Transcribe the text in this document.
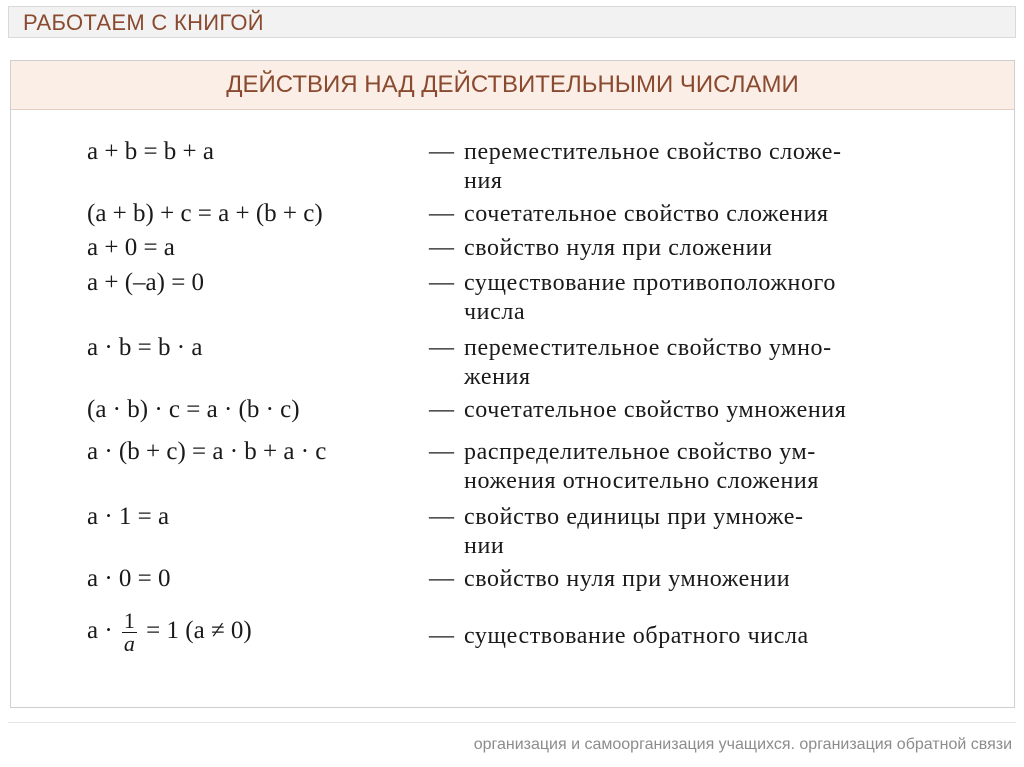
РАБОТАЕМ С КНИГОЙ
ДЕЙСТВИЯ НАД ДЕЙСТВИТЕЛЬНЫМИ ЧИСЛАМИ
a + b = b + a	— переместительное свойство сложе-
ния
(a + b) + c = a + (b + c)	— сочетательное свойство сложения
a + 0 = a	— свойство нуля при сложении
a + (–a) = 0	— существование противоположного
числа
a · b = b · a	— переместительное свойство умно-
жения
(a · b) · c = a · (b · c)	— сочетательное свойство умножения
a · (b + c) = a · b + a · c	— распределительное свойство ум-
ножения относительно сложения
a · 1 = a	— свойство единицы при умноже-
нии
a · 0 = 0	— свойство нуля при умножении
$a \cdot \frac{1}{a} = 1$ (a ≠ 0)	— существование обратного числа
организация и самоорганизация учащихся. организация обратной связи
